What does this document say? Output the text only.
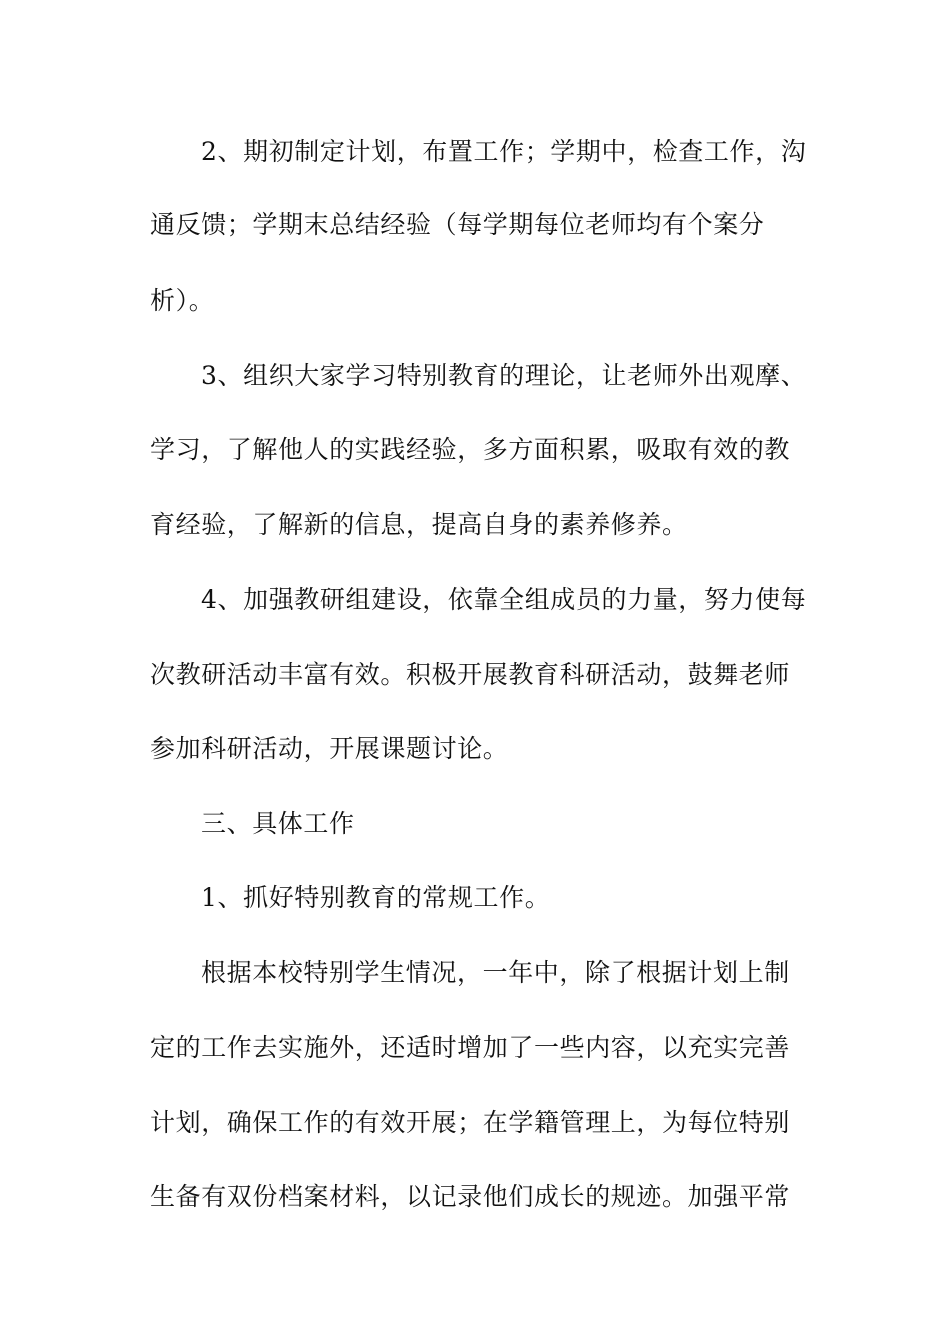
2、期初制定计划，布置工作；学期中，检查工作，沟
通反馈；学期末总结经验（每学期每位老师均有个案分
析）。
3、组织大家学习特别教育的理论，让老师外出观摩、
学习，了解他人的实践经验，多方面积累，吸取有效的教
育经验，了解新的信息，提高自身的素养修养。
4、加强教研组建设，依靠全组成员的力量，努力使每
次教研活动丰富有效。积极开展教育科研活动，鼓舞老师
参加科研活动，开展课题讨论。
三、具体工作
1、抓好特别教育的常规工作。
根据本校特别学生情况，一年中，除了根据计划上制
定的工作去实施外，还适时增加了一些内容，以充实完善
计划，确保工作的有效开展；在学籍管理上，为每位特别
生备有双份档案材料，以记录他们成长的规迹。加强平常
